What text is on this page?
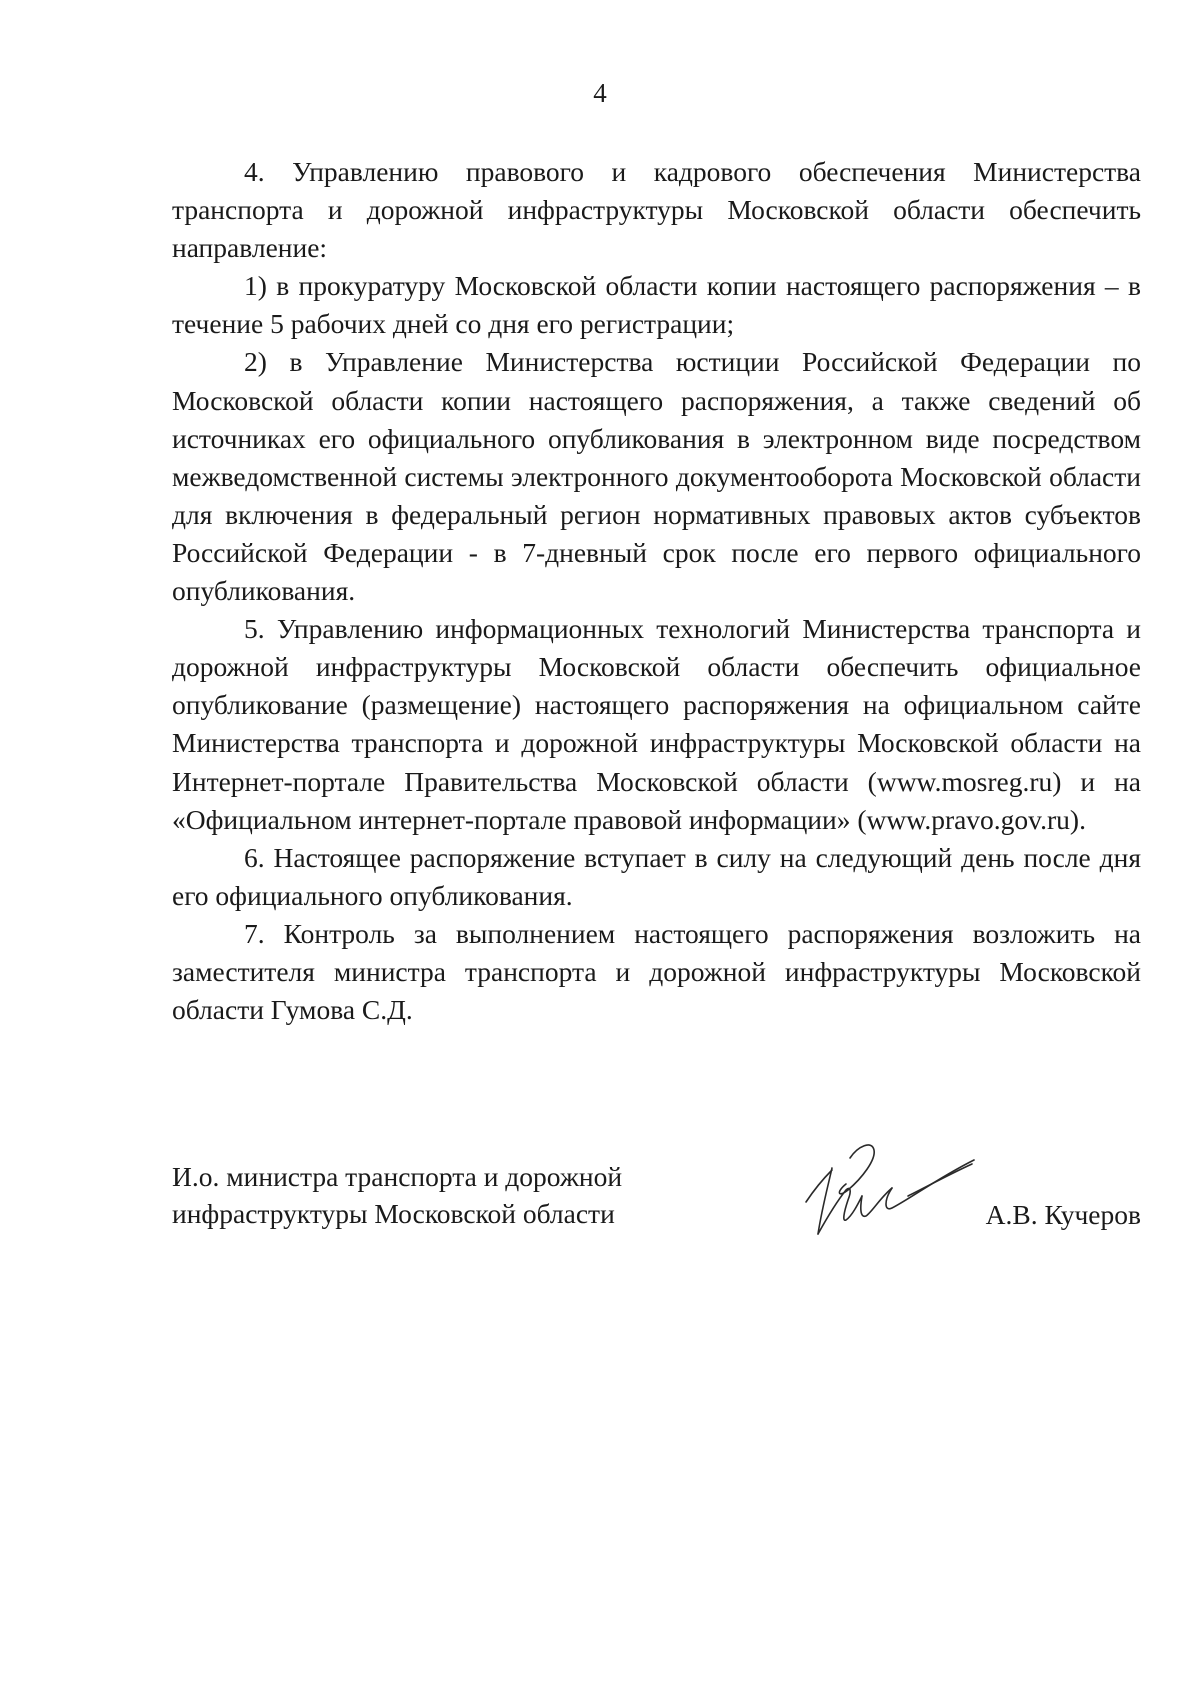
4

4. Управлению правового и кадрового обеспечения Министерства транспорта и дорожной инфраструктуры Московской области обеспечить направление:

1) в прокуратуру Московской области копии настоящего распоряжения – в течение 5 рабочих дней со дня его регистрации;

2) в Управление Министерства юстиции Российской Федерации по Московской области копии настоящего распоряжения, а также сведений об источниках его официального опубликования в электронном виде посредством межведомственной системы электронного документооборота Московской области для включения в федеральный регион нормативных правовых актов субъектов Российской Федерации - в 7-дневный срок после его первого официального опубликования.

5. Управлению информационных технологий Министерства транспорта и дорожной инфраструктуры Московской области обеспечить официальное опубликование (размещение) настоящего распоряжения на официальном сайте Министерства транспорта и дорожной инфраструктуры Московской области на Интернет-портале Правительства Московской области (www.mosreg.ru) и на «Официальном интернет-портале правовой информации» (www.pravo.gov.ru).

6. Настоящее распоряжение вступает в силу на следующий день после дня его официального опубликования.

7. Контроль за выполнением настоящего распоряжения возложить на заместителя министра транспорта и дорожной инфраструктуры Московской области Гумова С.Д.

И.о. министра транспорта и дорожной
инфраструктуры Московской области	А.В. Кучеров
